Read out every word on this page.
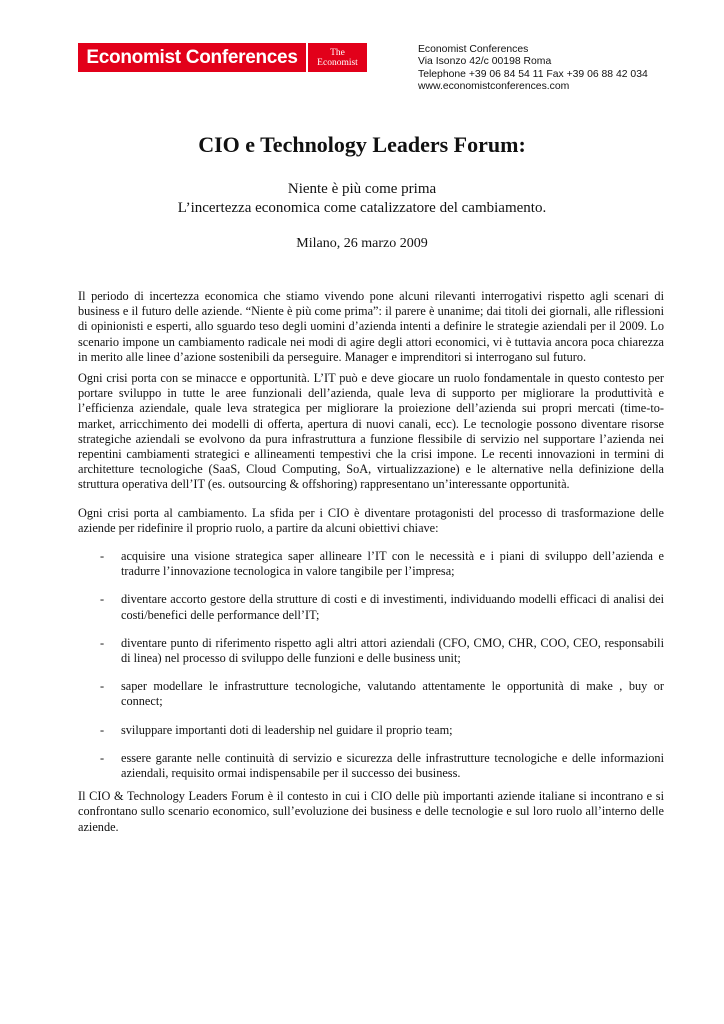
Economist Conferences	The
Economist
Economist Conferences
Via Isonzo 42/c 00198 Roma
Telephone +39 06 84 54 11 Fax +39 06 88 42 034
www.economistconferences.com
CIO e Technology Leaders Forum:
Niente è più come prima
L’incertezza economica come catalizzatore del cambiamento.
Milano, 26 marzo 2009

Il periodo di incertezza economica che stiamo vivendo pone alcuni rilevanti interrogativi rispetto agli scenari di business e il futuro delle aziende. “Niente è più come prima”: il parere è unanime; dai titoli dei giornali, alle riflessioni di opinionisti e esperti, allo sguardo teso degli uomini d’azienda intenti a definire le strategie aziendali per il 2009. Lo scenario impone un cambiamento radicale nei modi di agire degli attori economici, vi è tuttavia ancora poca chiarezza in merito alle linee d’azione sostenibili da perseguire. Manager e imprenditori si interrogano sul futuro.

Ogni crisi porta con se minacce e opportunità. L’IT può e deve giocare un ruolo fondamentale in questo contesto per portare sviluppo in tutte le aree funzionali dell’azienda, quale leva di supporto per migliorare la produttività e l’efficienza aziendale, quale leva strategica per migliorare la proiezione dell’azienda sui propri mercati (time-to-market, arricchimento dei modelli di offerta, apertura di nuovi canali, ecc). Le tecnologie possono diventare risorse strategiche aziendali se evolvono da pura infrastruttura a funzione flessibile di servizio nel supportare l’azienda nei repentini cambiamenti strategici e allineamenti tempestivi che la crisi impone. Le recenti innovazioni in termini di architetture tecnologiche (SaaS, Cloud Computing, SoA, virtualizzazione) e le alternative nella definizione della struttura operativa dell’IT (es. outsourcing & offshoring) rappresentano un’interessante opportunità.

Ogni crisi porta al cambiamento. La sfida per i CIO è diventare protagonisti del processo di trasformazione delle aziende per ridefinire il proprio ruolo, a partire da alcuni obiettivi chiave:

- acquisire una visione strategica saper allineare l’IT con le necessità e i piani di sviluppo dell’azienda e tradurre l’innovazione tecnologica in valore tangibile per l’impresa;
- diventare accorto gestore della strutture di costi e di investimenti, individuando modelli efficaci di analisi dei costi/benefici delle performance dell’IT;
- diventare punto di riferimento rispetto agli altri attori aziendali (CFO, CMO, CHR, COO, CEO, responsabili di linea) nel processo di sviluppo delle funzioni e delle business unit;
- saper modellare le infrastrutture tecnologiche, valutando attentamente le opportunità di make , buy or connect;
- sviluppare importanti doti di leadership nel guidare il proprio team;
- essere garante nelle continuità di servizio e sicurezza delle infrastrutture tecnologiche e delle informazioni aziendali, requisito ormai indispensabile per il successo dei business.

Il CIO & Technology Leaders Forum è il contesto in cui i CIO delle più importanti aziende italiane si incontrano e si confrontano sullo scenario economico, sull’evoluzione dei business e delle tecnologie e sul loro ruolo all’interno delle aziende.
